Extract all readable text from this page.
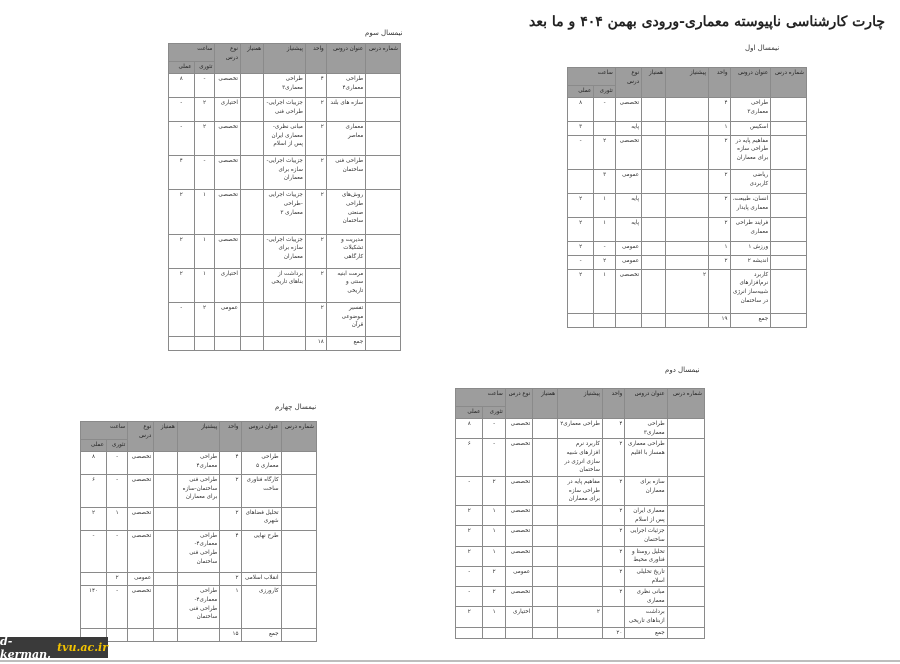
چارت کارشناسی ناپیوسته معماری-ورودی بهمن ۴۰۴ و ما بعد
نیمسال اول
شماره درس	عنوان دروس	واحد	پیشنیاز	همنیاز	نوع درس	ساعت	
						تئوری	عملی
	طراحی معماری۳	۴			تخصصی	-	۸
	اسکیس	۱			پایه		۳
	مفاهیم پایه در طراحی سازه برای معماران	۲			تخصصی	۲	-
	ریاضی کاربردی	۲			عمومی	۳	
	انسان، طبیعت، معماری پایدار	۲			پایه	۱	۲
	فرایند طراحی معماری	۲			پایه	۱	۲
	ورزش ۱	۱			عمومی	-	۲
	اندیشه ۲	۲			عمومی	۲	-
	کاربرد نرم‌افزارهای شبیه‌ساز انرژی در ساختمان		۲		تخصصی	۱	۲
	جمع	۱۹					
نیمسال دوم
شماره درس	عنوان دروس	واحد	پیشنیاز	همنیاز	نوع درس	ساعت	
						تئوری	عملی
	طراحی معماری۳	۴	طراحی معماری۲		تخصصی	-	۸
	طراحی معماری همساز با اقلیم	۲	کاربرد نرم افزارهای شبیه سازی انرژی در ساختمان		تخصصی	-	۶
	سازه برای معماران	۲	مفاهیم پایه در طراحی سازه برای معماران		تخصصی	۲	-
	معماری ایران پس از اسلام	۲			تخصصی	۱	۲
	جزئیات اجرایی ساختمان	۲			تخصصی	۱	۲
	تحلیل روستا و فناوری محیط	۲			تخصصی	۱	۲
	تاریخ تحلیلی اسلام	۲			عمومی	۲	-
	مبانی نظری معماری	۲			تخصصی	۲	-
	برداشت ازبناهای تاریخی		۲		اختیاری	۱	۲
	جمع	۲۰					
نیمسال سوم
شماره درس	عنوان دروس	واحد	پیشنیاز	همنیاز	نوع درس	ساعت	
						تئوری	عملی
	طراحی معماری۴	۴	طراحی معماری۳		تخصصی	-	۸
	سازه های بلند	۲	جزییات اجرایی- طراحی فنی		اختیاری	۲	-
	معماری معاصر	۲	مبانی نظری- معماری ایران پس از اسلام		تخصصی	۲	-
	طراحی فنی ساختمان	۲	جزییات اجرایی- سازه برای معماران		تخصصی	-	۴
	روش‌های طراحی صنعتی ساختمان	۲	جزییات اجرایی -طراحی معماری ۳		تخصصی	۱	۲
	مدیریت و تشکیلات کارگاهی	۲	جزییات اجرایی- سازه برای معماران		تخصصی	۱	۲
	مرمت ابنیه سنتی و تاریخی	۲	برداشت از بناهای تاریخی		اختیاری	۱	۲
	تفسیر موضوعی قرآن	۲			عمومی	۲	-
	جمع	۱۸					
نیمسال چهارم
شماره درس	عنوان دروس	واحد	پیشنیاز	همنیاز	نوع درس	ساعت	
						تئوری	عملی
	طراحی معماری ۵	۴	طراحی معماری۴		تخصصی	-	۸
	کارگاه فناوری ساخت	۲	طراحی فنی ساختمان-سازه برای معماران		تخصصی	-	۶
	تحلیل فضاهای شهری	۲			تخصصی	۱	۲
	طرح نهایی	۴	طراحی معماری۴- طراحی فنی ساختمان		تخصصی	-	-
	انقلاب اسلامی	۲			عمومی	۲	
	کارورزی	۱	طراحی معماری۴- طراحی فنی ساختمان		تخصصی	-	۱۴۰
	جمع	۱۵					
d-kerman. tvu.ac.ir
